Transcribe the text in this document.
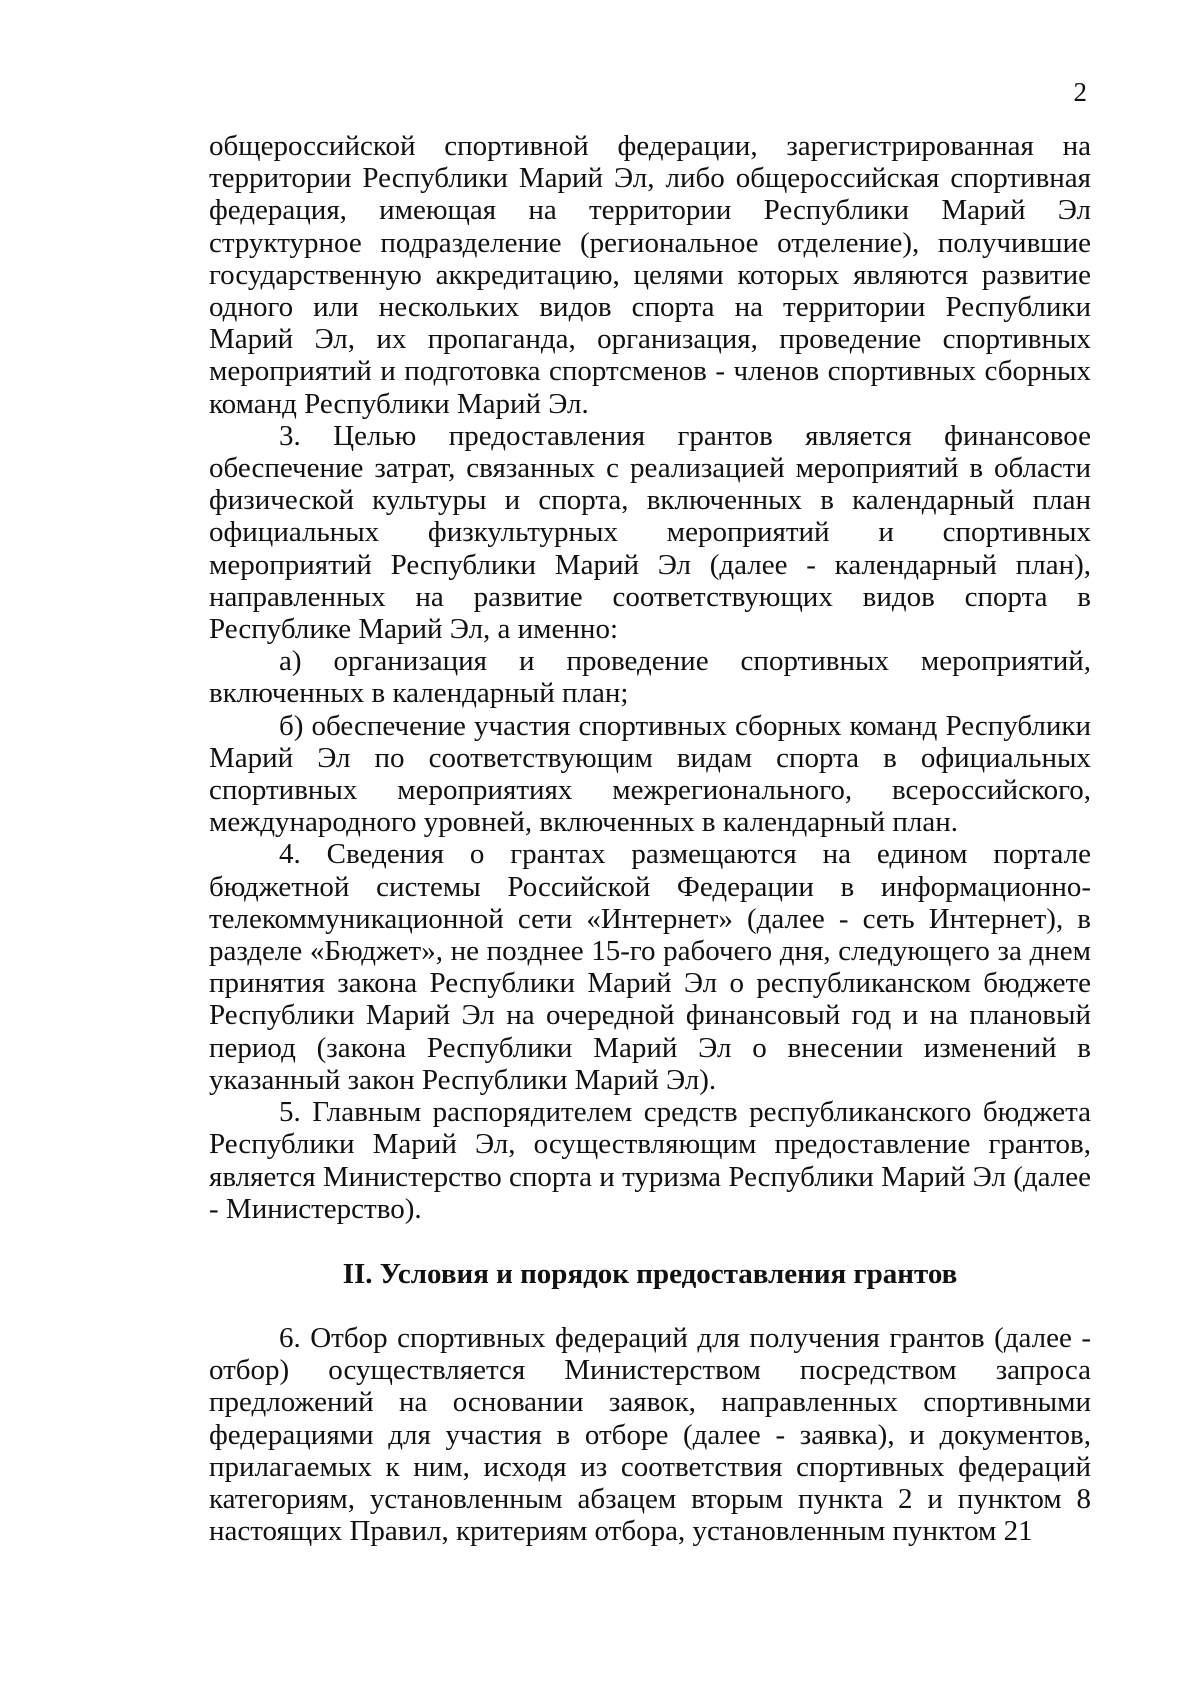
2

общероссийской спортивной федерации, зарегистрированная на территории Республики Марий Эл, либо общероссийская спортивная федерация, имеющая на территории Республики Марий Эл структурное подразделение (региональное отделение), получившие государственную аккредитацию, целями которых являются развитие одного или нескольких видов спорта на территории Республики Марий Эл, их пропаганда, организация, проведение спортивных мероприятий и подготовка спортсменов - членов спортивных сборных команд Республики Марий Эл.

3. Целью предоставления грантов является финансовое обеспечение затрат, связанных с реализацией мероприятий в области физической культуры и спорта, включенных в календарный план официальных физкультурных мероприятий и спортивных мероприятий Республики Марий Эл (далее - календарный план), направленных на развитие соответствующих видов спорта в Республике Марий Эл, а именно:

а) организация и проведение спортивных мероприятий, включенных в календарный план;

б) обеспечение участия спортивных сборных команд Республики Марий Эл по соответствующим видам спорта в официальных спортивных мероприятиях межрегионального, всероссийского, международного уровней, включенных в календарный план.

4. Сведения о грантах размещаются на едином портале бюджетной системы Российской Федерации в информационно-телекоммуникационной сети «Интернет» (далее - сеть Интернет), в разделе «Бюджет», не позднее 15-го рабочего дня, следующего за днем принятия закона Республики Марий Эл о республиканском бюджете Республики Марий Эл на очередной финансовый год и на плановый период (закона Республики Марий Эл о внесении изменений в указанный закон Республики Марий Эл).

5. Главным распорядителем средств республиканского бюджета Республики Марий Эл, осуществляющим предоставление грантов, является Министерство спорта и туризма Республики Марий Эл (далее - Министерство).

II. Условия и порядок предоставления грантов

6. Отбор спортивных федераций для получения грантов (далее - отбор) осуществляется Министерством посредством запроса предложений на основании заявок, направленных спортивными федерациями для участия в отборе (далее - заявка), и документов, прилагаемых к ним, исходя из соответствия спортивных федераций категориям, установленным абзацем вторым пункта 2 и пунктом 8 настоящих Правил, критериям отбора, установленным пунктом 21
